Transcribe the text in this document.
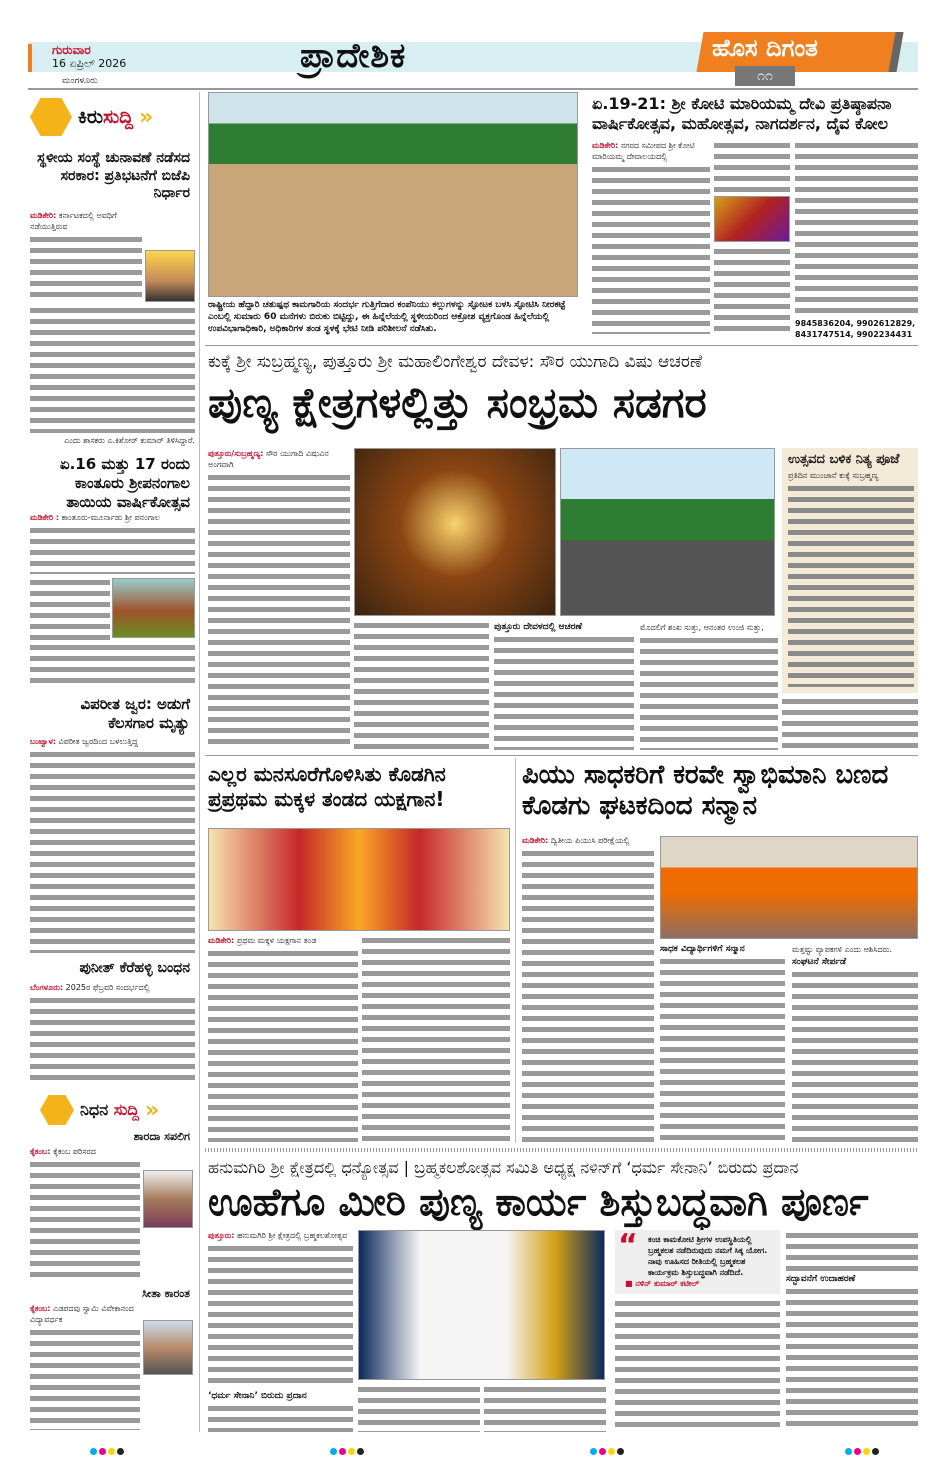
ಗುರುವಾರ
16 ಏಪ್ರಿಲ್ 2026
ಮಂಗಳೂರು
ಪ್ರಾದೇಶಿಕ	ಹೊಸ ದಿಗಂತ
೧೧
ಕಿರುಸುದ್ದಿ »
ಸ್ಥಳೀಯ ಸಂಸ್ಥೆ ಚುನಾವಣೆ ನಡೆಸದ ಸರಕಾರ: ಪ್ರತಿಭಟನೆಗೆ ಬಿಜೆಪಿ ನಿರ್ಧಾರ
ಮಡಿಕೇರಿ: ಕರ್ನಾಟಕದಲ್ಲಿ ಅವಧಿಗೆ ನಡೆಯುತ್ತಿರುವ
ಎಂದು ಶಾಸಕರು ಎ.ಕಿಶೋರ್ ಕುಮಾರ್ ತಿಳಿಸಿದ್ದಾರೆ.
ಏ.16 ಮತ್ತು 17 ರಂದು ಕಾಂತೂರು ಶ್ರೀಪನಂಗಾಲ ತಾಯಿಯ ವಾರ್ಷಿಕೋತ್ಸವ
ಮಡಿಕೇರಿ : ಕಾಂತೂರು-ಮೂರ್ನಾಡು ಶ್ರೀ ಪನಂಗಾಲ
ವಿಪರೀತ ಜ್ವರ: ಅಡುಗೆ ಕೆಲಸಗಾರ ಮೃತ್ಯು
ಬಂಟ್ವಾಳ: ವಿಪರೀತ ಜ್ವರದಿಂದ ಬಳಲುತ್ತಿದ್ದ
ಪುನೀತ್ ಕೆರೆಹಳ್ಳಿ ಬಂಧನ
ಬೆಂಗಳೂರು: 2025ರ ಫೆಬ್ರವರಿ ಸಂದರ್ಭದಲ್ಲಿ
ನಿಧನ ಸುದ್ದಿ »
ಶಾರದಾ ಸಪಲಿಗ
ಕೈಕಂಬ: ಕೈಕಂಬ ಪರಿಸರದ
ಸೀತಾ ಕಾರಂತ
ಕೈಕಂಬ: ಎಡಪದವು ಸ್ವಾಮಿ ವಿವೇಕಾನಂದ ವಿದ್ಯಾವರ್ಧಕ
ರಾಷ್ಟ್ರೀಯ ಹೆದ್ದಾರಿ ಚತುಷ್ಪಥ ಕಾಮಗಾರಿಯ ಸಂದರ್ಭ ಗುತ್ತಿಗೆದಾರ ಕಂಪೆನಿಯು ಕಲ್ಲುಗಳನ್ನು ಸ್ಫೋಟಕ ಬಳಸಿ ಸ್ಫೋಟಿಸಿ ನೀರಕಟ್ಟೆ ಎಂಬಲ್ಲಿ ಸುಮಾರು 60 ಮನೆಗಳು ಬಿರುಕು ಬಿಟ್ಟಿದ್ದು, ಈ ಹಿನ್ನೆಲೆಯಲ್ಲಿ ಸ್ಥಳೀಯರಿಂದ ಆಕ್ರೋಶ ವ್ಯಕ್ತಗೊಂಡ ಹಿನ್ನೆಲೆಯಲ್ಲಿ ಉಪವಿಭಾಗಾಧಿಕಾರಿ, ಅಧಿಕಾರಿಗಳ ತಂಡ ಸ್ಥಳಕ್ಕೆ ಭೇಟಿ ನೀಡಿ ಪರಿಶೀಲನೆ ನಡೆಸಿತು.
ಏ.19-21: ಶ್ರೀ ಕೋಟಿ ಮಾರಿಯಮ್ಮ ದೇವಿ ಪ್ರತಿಷ್ಠಾಪನಾ ವಾರ್ಷಿಕೋತ್ಸವ, ಮಹೋತ್ಸವ, ನಾಗದರ್ಶನ, ದೈವ ಕೋಲ
ಮಡಿಕೇರಿ: ನಗರದ ಸಮೀಪದ ಶ್ರೀ ಕೋಟಿ ಮಾರಿಯಮ್ಮ ದೇವಾಲಯದಲ್ಲಿ
9845836204, 9902612829, 8431747514, 9902234431
ಕುಕ್ಕೆ ಶ್ರೀ ಸುಬ್ರಹ್ಮಣ್ಯ, ಪುತ್ತೂರು ಶ್ರೀ ಮಹಾಲಿಂಗೇಶ್ವರ ದೇವಳ: ಸೌರ ಯುಗಾದಿ ವಿಷು ಆಚರಣೆ
ಪುಣ್ಯ ಕ್ಷೇತ್ರಗಳಲ್ಲಿತ್ತು ಸಂಭ್ರಮ ಸಡಗರ
ಪುತ್ತೂರು/ಸುಬ್ರಹ್ಮಣ್ಯ: ಸೌರ ಯುಗಾದಿ ವಿಷುವಿನ ಅಂಗವಾಗಿ	ಉತ್ಸವದ ಬಳಿಕ ನಿತ್ಯ ಪೂಜೆ
ಪ್ರತಿದಿನ ಮುಂಜಾನೆ ಕುಕ್ಕೆ ಸುಬ್ರಹ್ಮಣ್ಯ
ಪುತ್ತೂರು ದೇವಳದಲ್ಲಿ ಆಚರಣೆ	ಮೊದಲಿಗೆ ಶಂಖ ಸುತ್ತು, ಆನಂತರ ಉಂಜಿ ಸುತ್ತು,
ಎಲ್ಲರ ಮನಸೂರೆಗೊಳಿಸಿತು ಕೊಡಗಿನ ಪ್ರಪ್ರಥಮ ಮಕ್ಕಳ ತಂಡದ ಯಕ್ಷಗಾನ!
ಮಡಿಕೇರಿ: ಪ್ರಥಮ ಮಕ್ಕಳ ಯಕ್ಷಗಾನ ತಂಡ
ಪಿಯು ಸಾಧಕರಿಗೆ ಕರವೇ ಸ್ವಾಭಿಮಾನಿ ಬಣದ ಕೊಡಗು ಘಟಕದಿಂದ ಸನ್ಮಾನ
ಮಡಿಕೇರಿ: ದ್ವಿತೀಯ ಪಿಯುಸಿ ಪರೀಕ್ಷೆಯಲ್ಲಿ
ಸಾಧಕ ವಿದ್ಯಾರ್ಥಿಗಳಿಗೆ ಸನ್ಮಾನ	ಮತ್ತಷ್ಟು ವ್ಯಾಪಕಗಳಿ ಎಂದು ಆಶಿಸಿದರು.
ಸಂಘಟನೆ ಸೇರ್ಪಡೆ
ಹನುಮಗಿರಿ ಶ್ರೀ ಕ್ಷೇತ್ರದಲ್ಲಿ ಧನ್ಯೋತ್ಸವ | ಬ್ರಹ್ಮಕಲಶೋತ್ಸವ ಸಮಿತಿ ಅಧ್ಯಕ್ಷ ನಳಿನ್‌ಗೆ ‘ಧರ್ಮ ಸೇನಾನಿ’ ಬಿರುದು ಪ್ರದಾನ
ಊಹೆಗೂ ಮೀರಿ ಪುಣ್ಯ ಕಾರ್ಯ ಶಿಸ್ತುಬದ್ಧವಾಗಿ ಪೂರ್ಣ
ಪುತ್ತೂರು: ಹನುಮಗಿರಿ ಶ್ರೀ ಕ್ಷೇತ್ರದಲ್ಲಿ ಬ್ರಹ್ಮಕಲಶೋತ್ಸವ
‘ಧರ್ಮ ಸೇನಾನಿ’ ಬಿರುದು ಪ್ರದಾನ
“ ಕಂಚಿ ಕಾಮಕೋಟಿ ಶ್ರೀಗಳ ಉಪಸ್ಥಿತಿಯಲ್ಲಿ ಬ್ರಹ್ಮಕಲಶ ನಡೆದಿರುವುದು ನಮಗೆ ಸಿಕ್ಕ ಯೋಗ. ನಾವು ಊಹಿಸದ ರೀತಿಯಲ್ಲಿ ಬ್ರಹ್ಮಕಲಶ ಕಾರ್ಯಕ್ರಮ ಶಿಸ್ತುಬದ್ಧವಾಗಿ ನಡೆದಿದೆ.
■ ನಳಿನ್ ಕುಮಾರ್ ಕಟೀಲ್	ಸದ್ಭಾವನೆಗೆ ಉದಾಹರಣೆ
